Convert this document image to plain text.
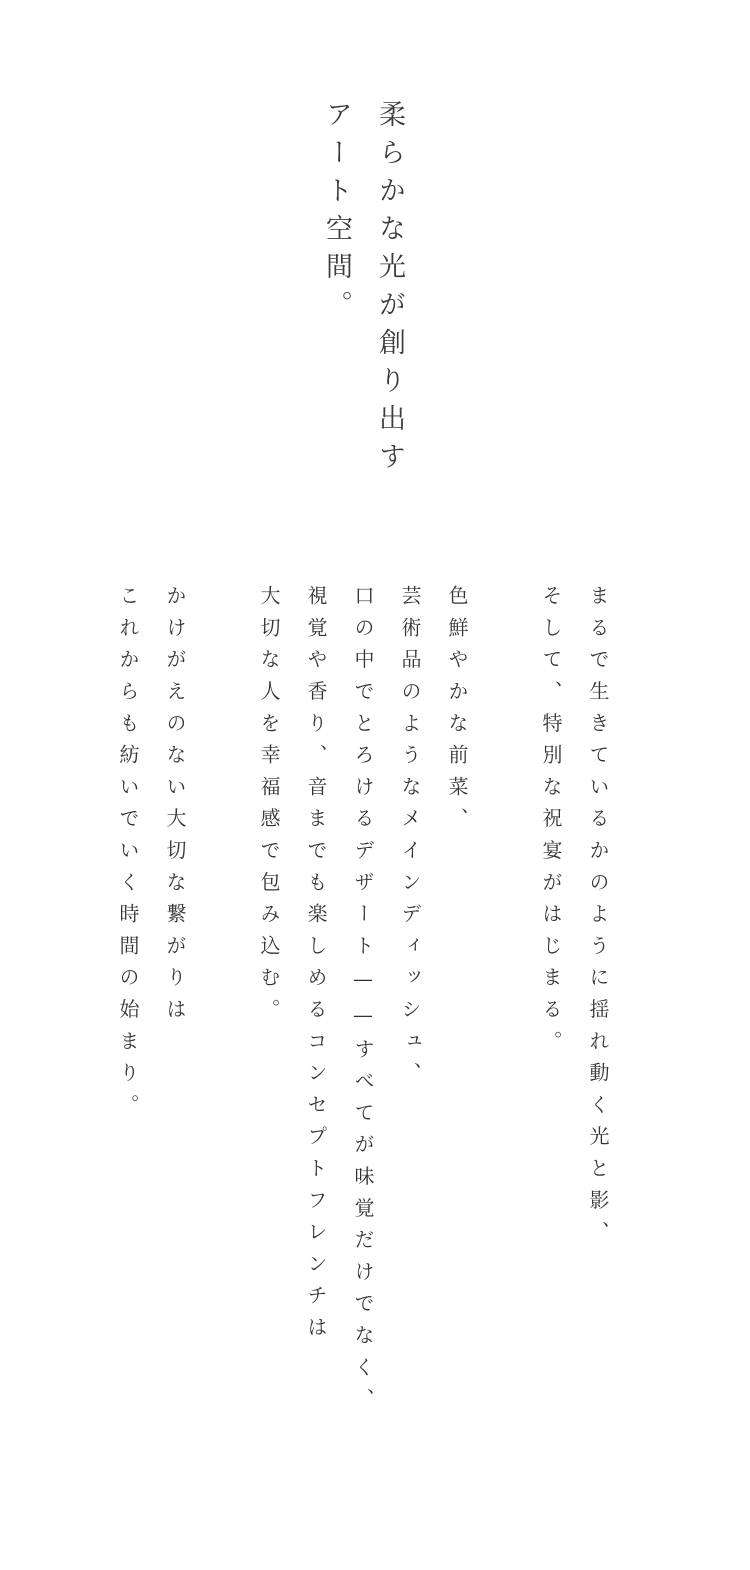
柔らかな光が創り出す
アート空間。

まるで生きているかのように揺れ動く光と影、

そして、特別な祝宴がはじまる。

色鮮やかな前菜、

芸術品のようなメインディッシュ、

口の中でとろけるデザート——すべてが味覚だけでなく、

視覚や香り、音までも楽しめるコンセプトフレンチは

大切な人を幸福感で包み込む。

かけがえのない大切な繋がりは

これからも紡いでいく時間の始まり。
